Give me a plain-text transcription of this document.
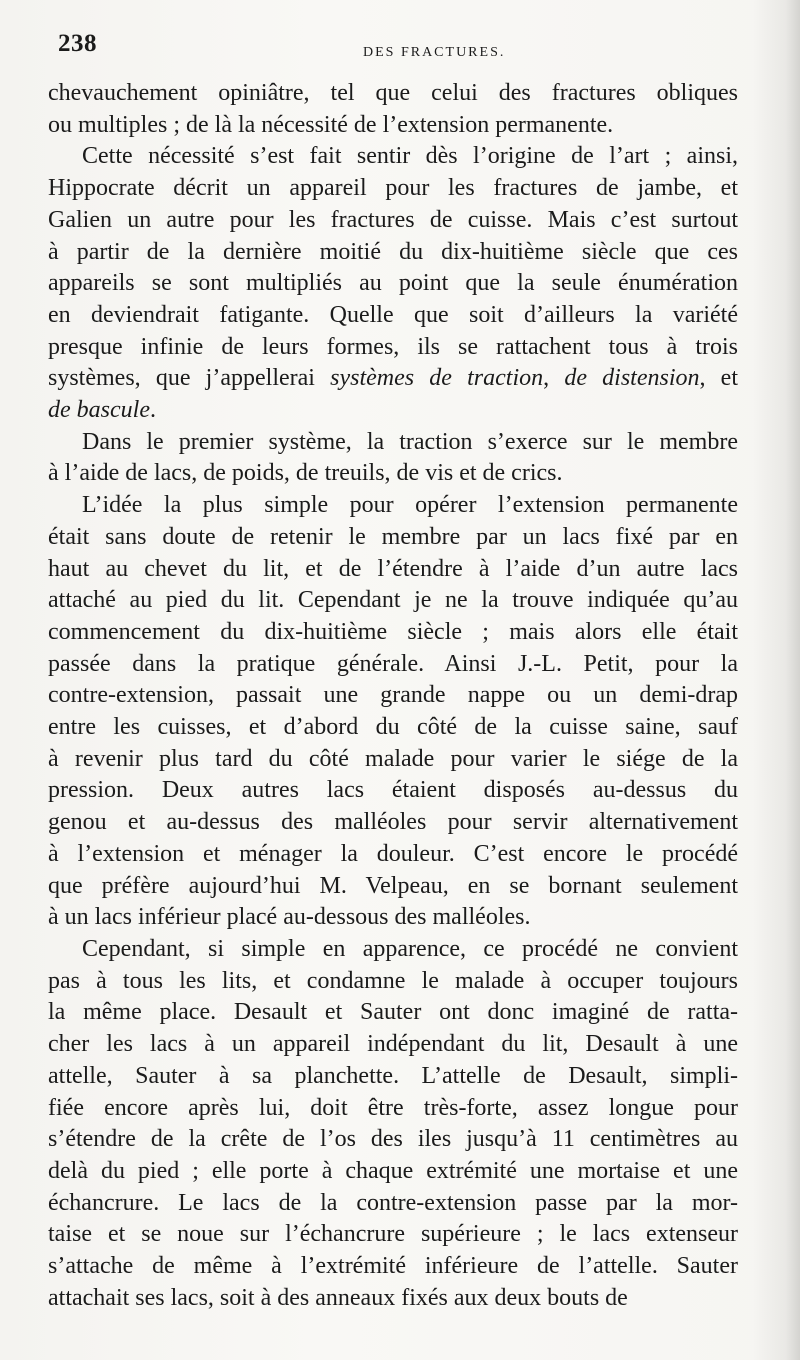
238	DES FRACTURES.
chevauchement opiniâtre, tel que celui des fractures obliques
ou multiples ; de là la nécessité de l’extension permanente.
Cette nécessité s’est fait sentir dès l’origine de l’art ; ainsi,
Hippocrate décrit un appareil pour les fractures de jambe, et
Galien un autre pour les fractures de cuisse. Mais c’est surtout
à partir de la dernière moitié du dix-huitième siècle que ces
appareils se sont multipliés au point que la seule énumération
en deviendrait fatigante. Quelle que soit d’ailleurs la variété
presque infinie de leurs formes, ils se rattachent tous à trois
systèmes, que j’appellerai systèmes de traction, de distension, et
de bascule.
Dans le premier système, la traction s’exerce sur le membre
à l’aide de lacs, de poids, de treuils, de vis et de crics.
L’idée la plus simple pour opérer l’extension permanente
était sans doute de retenir le membre par un lacs fixé par en
haut au chevet du lit, et de l’étendre à l’aide d’un autre lacs
attaché au pied du lit. Cependant je ne la trouve indiquée qu’au
commencement du dix-huitième siècle ; mais alors elle était
passée dans la pratique générale. Ainsi J.-L. Petit, pour la
contre-extension, passait une grande nappe ou un demi-drap
entre les cuisses, et d’abord du côté de la cuisse saine, sauf
à revenir plus tard du côté malade pour varier le siége de la
pression. Deux autres lacs étaient disposés au-dessus du
genou et au-dessus des malléoles pour servir alternativement
à l’extension et ménager la douleur. C’est encore le procédé
que préfère aujourd’hui M. Velpeau, en se bornant seulement
à un lacs inférieur placé au-dessous des malléoles.
Cependant, si simple en apparence, ce procédé ne convient
pas à tous les lits, et condamne le malade à occuper toujours
la même place. Desault et Sauter ont donc imaginé de ratta-
cher les lacs à un appareil indépendant du lit, Desault à une
attelle, Sauter à sa planchette. L’attelle de Desault, simpli-
fiée encore après lui, doit être très-forte, assez longue pour
s’étendre de la crête de l’os des iles jusqu’à 11 centimètres au
delà du pied ; elle porte à chaque extrémité une mortaise et une
échancrure. Le lacs de la contre-extension passe par la mor-
taise et se noue sur l’échancrure supérieure ; le lacs extenseur
s’attache de même à l’extrémité inférieure de l’attelle. Sauter
attachait ses lacs, soit à des anneaux fixés aux deux bouts de
